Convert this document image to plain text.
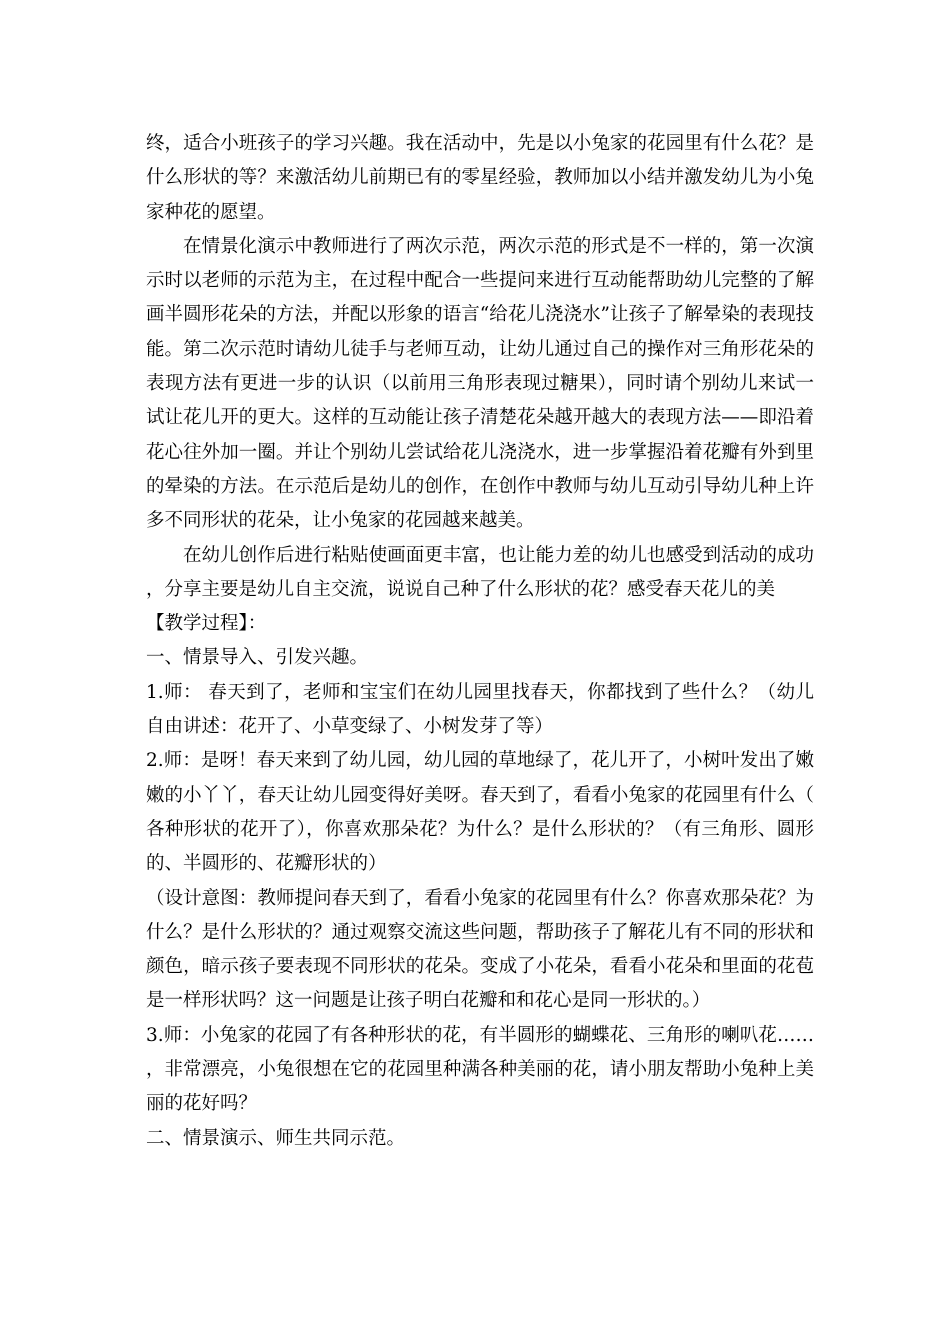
终，适合小班孩子的学习兴趣。我在活动中，先是以小兔家的花园里有什么花？是什么形状的等？来激活幼儿前期已有的零星经验，教师加以小结并激发幼儿为小兔家种花的愿望。

在情景化演示中教师进行了两次示范，两次示范的形式是不一样的，第一次演示时以老师的示范为主，在过程中配合一些提问来进行互动能帮助幼儿完整的了解画半圆形花朵的方法，并配以形象的语言“给花儿浇浇水”让孩子了解晕染的表现技能。第二次示范时请幼儿徒手与老师互动，让幼儿通过自己的操作对三角形花朵的表现方法有更进一步的认识（以前用三角形表现过糖果），同时请个别幼儿来试一试让花儿开的更大。这样的互动能让孩子清楚花朵越开越大的表现方法——即沿着花心往外加一圈。并让个别幼儿尝试给花儿浇浇水，进一步掌握沿着花瓣有外到里的晕染的方法。在示范后是幼儿的创作，在创作中教师与幼儿互动引导幼儿种上许多不同形状的花朵，让小兔家的花园越来越美。

在幼儿创作后进行粘贴使画面更丰富，也让能力差的幼儿也感受到活动的成功，分享主要是幼儿自主交流，说说自己种了什么形状的花？感受春天花儿的美

【教学过程】：

一、情景导入、引发兴趣。

1.师： 春天到了，老师和宝宝们在幼儿园里找春天，你都找到了些什么？（幼儿自由讲述：花开了、小草变绿了、小树发芽了等）

2.师：是呀！春天来到了幼儿园，幼儿园的草地绿了，花儿开了，小树叶发出了嫩嫩的小丫丫，春天让幼儿园变得好美呀。春天到了，看看小兔家的花园里有什么（各种形状的花开了），你喜欢那朵花？为什么？是什么形状的？（有三角形、圆形的、半圆形的、花瓣形状的）

（设计意图：教师提问春天到了，看看小兔家的花园里有什么？你喜欢那朵花？为什么？是什么形状的？通过观察交流这些问题，帮助孩子了解花儿有不同的形状和颜色，暗示孩子要表现不同形状的花朵。变成了小花朵，看看小花朵和里面的花苞是一样形状吗？这一问题是让孩子明白花瓣和和花心是同一形状的。）

3.师：小兔家的花园了有各种形状的花，有半圆形的蝴蝶花、三角形的喇叭花……，非常漂亮，小兔很想在它的花园里种满各种美丽的花，请小朋友帮助小兔种上美丽的花好吗？

二、情景演示、师生共同示范。
